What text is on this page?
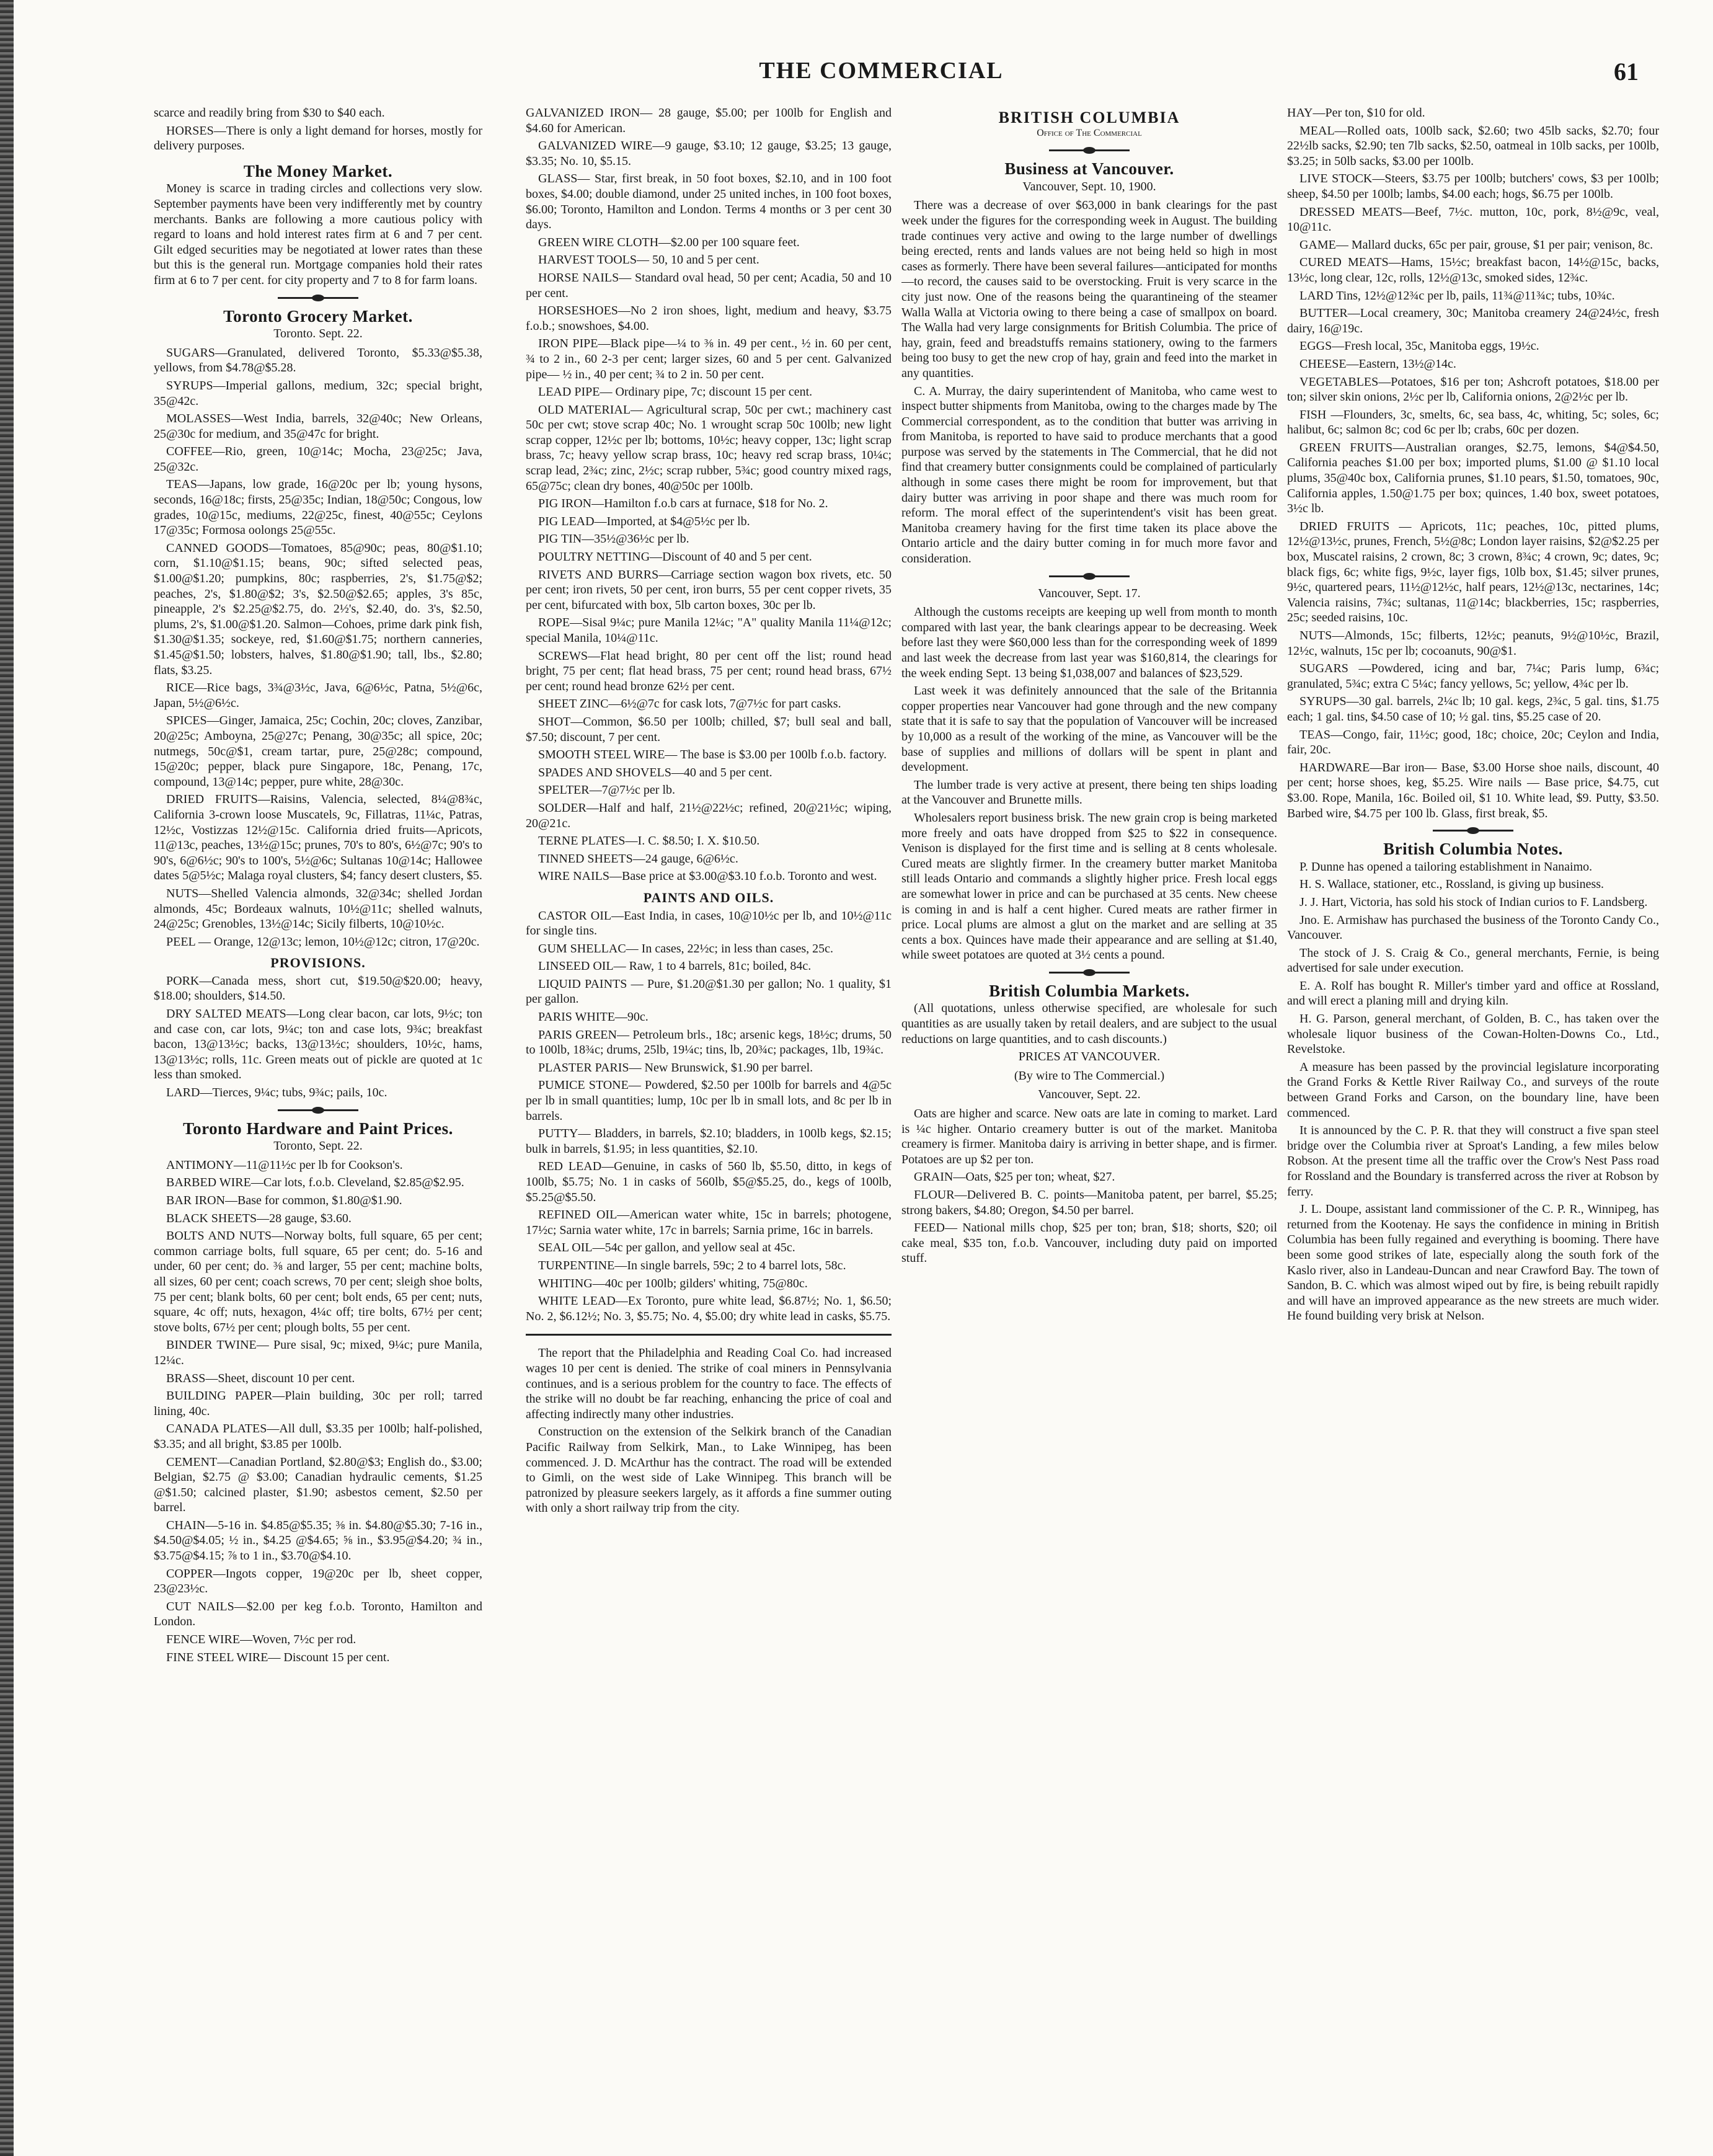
THE COMMERCIAL	61

scarce and readily bring from $30 to $40 each.

HORSES—There is only a light demand for horses, mostly for delivery purposes.

The Money Market.

Money is scarce in trading circles and collections very slow. September payments have been very indifferently met by country merchants. Banks are following a more cautious policy with regard to loans and hold interest rates firm at 6 and 7 per cent. Gilt edged securities may be negotiated at lower rates than these but this is the general run. Mortgage companies hold their rates firm at 6 to 7 per cent. for city property and 7 to 8 for farm loans.

Toronto Grocery Market.
Toronto. Sept. 22.

SUGARS—Granulated, delivered Toronto, $5.33@$5.38, yellows, from $4.78@$5.28.

SYRUPS—Imperial gallons, medium, 32c; special bright, 35@42c.

MOLASSES—West India, barrels, 32@40c; New Orleans, 25@30c for medium, and 35@47c for bright.

COFFEE—Rio, green, 10@14c; Mocha, 23@25c; Java, 25@32c.

TEAS—Japans, low grade, 16@20c per lb; young hysons, seconds, 16@18c; firsts, 25@35c; Indian, 18@50c; Congous, low grades, 10@15c, mediums, 22@25c, finest, 40@55c; Ceylons 17@35c; Formosa oolongs 25@55c.

CANNED GOODS—Tomatoes, 85@90c; peas, 80@$1.10; corn, $1.10@$1.15; beans, 90c; sifted selected peas, $1.00@$1.20; pumpkins, 80c; raspberries, 2's, $1.75@$2; peaches, 2's, $1.80@$2; 3's, $2.50@$2.65; apples, 3's 85c, pineapple, 2's $2.25@$2.75, do. 2½'s, $2.40, do. 3's, $2.50, plums, 2's, $1.00@$1.20. Salmon—Cohoes, prime dark pink fish, $1.30@$1.35; sockeye, red, $1.60@$1.75; northern canneries, $1.45@$1.50; lobsters, halves, $1.80@$1.90; tall, lbs., $2.80; flats, $3.25.

RICE—Rice bags, 3¾@3½c, Java, 6@6½c, Patna, 5½@6c, Japan, 5½@6½c.

SPICES—Ginger, Jamaica, 25c; Cochin, 20c; cloves, Zanzibar, 20@25c; Amboyna, 25@27c; Penang, 30@35c; all spice, 20c; nutmegs, 50c@$1, cream tartar, pure, 25@28c; compound, 15@20c; pepper, black pure Singapore, 18c, Penang, 17c, compound, 13@14c; pepper, pure white, 28@30c.

DRIED FRUITS—Raisins, Valencia, selected, 8¼@8¾c, California 3-crown loose Muscatels, 9c, Fillatras, 11¼c, Patras, 12½c, Vostizzas 12½@15c. California dried fruits—Apricots, 11@13c, peaches, 13½@15c; prunes, 70's to 80's, 6½@7c; 90's to 90's, 6@6½c; 90's to 100's, 5½@6c; Sultanas 10@14c; Hallowee dates 5@5½c; Malaga royal clusters, $4; fancy desert clusters, $5.

NUTS—Shelled Valencia almonds, 32@34c; shelled Jordan almonds, 45c; Bordeaux walnuts, 10½@11c; shelled walnuts, 24@25c; Grenobles, 13½@14c; Sicily filberts, 10@10½c.

PEEL — Orange, 12@13c; lemon, 10½@12c; citron, 17@20c.

PROVISIONS.

PORK—Canada mess, short cut, $19.50@$20.00; heavy, $18.00; shoulders, $14.50.

DRY SALTED MEATS—Long clear bacon, car lots, 9½c; ton and case con, car lots, 9¼c; ton and case lots, 9¾c; breakfast bacon, 13@13½c; backs, 13@13½c; shoulders, 10½c, hams, 13@13½c; rolls, 11c. Green meats out of pickle are quoted at 1c less than smoked.

LARD—Tierces, 9¼c; tubs, 9¾c; pails, 10c.

Toronto Hardware and Paint Prices.
Toronto, Sept. 22.

ANTIMONY—11@11½c per lb for Cookson's.

BARBED WIRE—Car lots, f.o.b. Cleveland, $2.85@$2.95.

BAR IRON—Base for common, $1.80@$1.90.

BLACK SHEETS—28 gauge, $3.60.

BOLTS AND NUTS—Norway bolts, full square, 65 per cent; common carriage bolts, full square, 65 per cent; do. 5-16 and under, 60 per cent; do. ⅜ and larger, 55 per cent; machine bolts, all sizes, 60 per cent; coach screws, 70 per cent; sleigh shoe bolts, 75 per cent; blank bolts, 60 per cent; bolt ends, 65 per cent; nuts, square, 4c off; nuts, hexagon, 4¼c off; tire bolts, 67½ per cent; stove bolts, 67½ per cent; plough bolts, 55 per cent.

BINDER TWINE— Pure sisal, 9c; mixed, 9¼c; pure Manila, 12¼c.

BRASS—Sheet, discount 10 per cent.

BUILDING PAPER—Plain building, 30c per roll; tarred lining, 40c.

CANADA PLATES—All dull, $3.35 per 100lb; half-polished, $3.35; and all bright, $3.85 per 100lb.

CEMENT—Canadian Portland, $2.80@$3; English do., $3.00; Belgian, $2.75 @ $3.00; Canadian hydraulic cements, $1.25 @$1.50; calcined plaster, $1.90; asbestos cement, $2.50 per barrel.

CHAIN—5-16 in. $4.85@$5.35; ⅜ in. $4.80@$5.30; 7-16 in., $4.50@$4.05; ½ in., $4.25 @$4.65; ⅝ in., $3.95@$4.20; ¾ in., $3.75@$4.15; ⅞ to 1 in., $3.70@$4.10.

COPPER—Ingots copper, 19@20c per lb, sheet copper, 23@23½c.

CUT NAILS—$2.00 per keg f.o.b. Toronto, Hamilton and London.

FENCE WIRE—Woven, 7½c per rod.

FINE STEEL WIRE— Discount 15 per cent.

GALVANIZED IRON— 28 gauge, $5.00; per 100lb for English and $4.60 for American.

GALVANIZED WIRE—9 gauge, $3.10; 12 gauge, $3.25; 13 gauge, $3.35; No. 10, $5.15.

GLASS— Star, first break, in 50 foot boxes, $2.10, and in 100 foot boxes, $4.00; double diamond, under 25 united inches, in 100 foot boxes, $6.00; Toronto, Hamilton and London. Terms 4 months or 3 per cent 30 days.

GREEN WIRE CLOTH—$2.00 per 100 square feet.

HARVEST TOOLS— 50, 10 and 5 per cent.

HORSE NAILS— Standard oval head, 50 per cent; Acadia, 50 and 10 per cent.

HORSESHOES—No 2 iron shoes, light, medium and heavy, $3.75 f.o.b.; snowshoes, $4.00.

IRON PIPE—Black pipe—¼ to ⅜ in. 49 per cent., ½ in. 60 per cent, ¾ to 2 in., 60 2-3 per cent; larger sizes, 60 and 5 per cent. Galvanized pipe— ½ in., 40 per cent; ¾ to 2 in. 50 per cent.

LEAD PIPE— Ordinary pipe, 7c; discount 15 per cent.

OLD MATERIAL— Agricultural scrap, 50c per cwt.; machinery cast 50c per cwt; stove scrap 40c; No. 1 wrought scrap 50c 100lb; new light scrap copper, 12½c per lb; bottoms, 10½c; heavy copper, 13c; light scrap brass, 7c; heavy yellow scrap brass, 10c; heavy red scrap brass, 10¼c; scrap lead, 2¾c; zinc, 2½c; scrap rubber, 5¾c; good country mixed rags, 65@75c; clean dry bones, 40@50c per 100lb.

PIG IRON—Hamilton f.o.b cars at furnace, $18 for No. 2.

PIG LEAD—Imported, at $4@5½c per lb.

PIG TIN—35½@36½c per lb.

POULTRY NETTING—Discount of 40 and 5 per cent.

RIVETS AND BURRS—Carriage section wagon box rivets, etc. 50 per cent; iron rivets, 50 per cent, iron burrs, 55 per cent copper rivets, 35 per cent, bifurcated with box, 5lb carton boxes, 30c per lb.

ROPE—Sisal 9¼c; pure Manila 12¼c; "A" quality Manila 11¼@12c; special Manila, 10¼@11c.

SCREWS—Flat head bright, 80 per cent off the list; round head bright, 75 per cent; flat head brass, 75 per cent; round head brass, 67½ per cent; round head bronze 62½ per cent.

SHEET ZINC—6½@7c for cask lots, 7@7½c for part casks.

SHOT—Common, $6.50 per 100lb; chilled, $7; bull seal and ball, $7.50; discount, 7 per cent.

SMOOTH STEEL WIRE— The base is $3.00 per 100lb f.o.b. factory.

SPADES AND SHOVELS—40 and 5 per cent.

SPELTER—7@7½c per lb.

SOLDER—Half and half, 21½@22½c; refined, 20@21½c; wiping, 20@21c.

TERNE PLATES—I. C. $8.50; I. X. $10.50.

TINNED SHEETS—24 gauge, 6@6½c.

WIRE NAILS—Base price at $3.00@$3.10 f.o.b. Toronto and west.

PAINTS AND OILS.

CASTOR OIL—East India, in cases, 10@10½c per lb, and 10½@11c for single tins.

GUM SHELLAC— In cases, 22½c; in less than cases, 25c.

LINSEED OIL— Raw, 1 to 4 barrels, 81c; boiled, 84c.

LIQUID PAINTS — Pure, $1.20@$1.30 per gallon; No. 1 quality, $1 per gallon.

PARIS WHITE—90c.

PARIS GREEN— Petroleum brls., 18c; arsenic kegs, 18½c; drums, 50 to 100lb, 18¾c; drums, 25lb, 19¼c; tins, lb, 20¾c; packages, 1lb, 19¾c.

PLASTER PARIS— New Brunswick, $1.90 per barrel.

PUMICE STONE— Powdered, $2.50 per 100lb for barrels and 4@5c per lb in small quantities; lump, 10c per lb in small lots, and 8c per lb in barrels.

PUTTY— Bladders, in barrels, $2.10; bladders, in 100lb kegs, $2.15; bulk in barrels, $1.95; in less quantities, $2.10.

RED LEAD—Genuine, in casks of 560 lb, $5.50, ditto, in kegs of 100lb, $5.75; No. 1 in casks of 560lb, $5@$5.25, do., kegs of 100lb, $5.25@$5.50.

REFINED OIL—American water white, 15c in barrels; photogene, 17½c; Sarnia water white, 17c in barrels; Sarnia prime, 16c in barrels.

SEAL OIL—54c per gallon, and yellow seal at 45c.

TURPENTINE—In single barrels, 59c; 2 to 4 barrel lots, 58c.

WHITING—40c per 100lb; gilders' whiting, 75@80c.

WHITE LEAD—Ex Toronto, pure white lead, $6.87½; No. 1, $6.50; No. 2, $6.12½; No. 3, $5.75; No. 4, $5.00; dry white lead in casks, $5.75.

The report that the Philadelphia and Reading Coal Co. had increased wages 10 per cent is denied. The strike of coal miners in Pennsylvania continues, and is a serious problem for the country to face. The effects of the strike will no doubt be far reaching, enhancing the price of coal and affecting indirectly many other industries.

Construction on the extension of the Selkirk branch of the Canadian Pacific Railway from Selkirk, Man., to Lake Winnipeg, has been commenced. J. D. McArthur has the contract. The road will be extended to Gimli, on the west side of Lake Winnipeg. This branch will be patronized by pleasure seekers largely, as it affords a fine summer outing with only a short railway trip from the city.

BRITISH COLUMBIA
Office of The Commercial
Business at Vancouver.
Vancouver, Sept. 10, 1900.

There was a decrease of over $63,000 in bank clearings for the past week under the figures for the corresponding week in August. The building trade continues very active and owing to the large number of dwellings being erected, rents and lands values are not being held so high in most cases as formerly. There have been several failures—anticipated for months—to record, the causes said to be overstocking. Fruit is very scarce in the city just now. One of the reasons being the quarantineing of the steamer Walla Walla at Victoria owing to there being a case of smallpox on board. The Walla had very large consignments for British Columbia. The price of hay, grain, feed and breadstuffs remains stationery, owing to the farmers being too busy to get the new crop of hay, grain and feed into the market in any quantities.

C. A. Murray, the dairy superintendent of Manitoba, who came west to inspect butter shipments from Manitoba, owing to the charges made by The Commercial correspondent, as to the condition that butter was arriving in from Manitoba, is reported to have said to produce merchants that a good purpose was served by the statements in The Commercial, that he did not find that creamery butter consignments could be complained of particularly although in some cases there might be room for improvement, but that dairy butter was arriving in poor shape and there was much room for reform. The moral effect of the superintendent's visit has been great. Manitoba creamery having for the first time taken its place above the Ontario article and the dairy butter coming in for much more favor and consideration.

Vancouver, Sept. 17.

Although the customs receipts are keeping up well from month to month compared with last year, the bank clearings appear to be decreasing. Week before last they were $60,000 less than for the corresponding week of 1899 and last week the decrease from last year was $160,814, the clearings for the week ending Sept. 13 being $1,038,007 and balances of $23,529.

Last week it was definitely announced that the sale of the Britannia copper properties near Vancouver had gone through and the new company state that it is safe to say that the population of Vancouver will be increased by 10,000 as a result of the working of the mine, as Vancouver will be the base of supplies and millions of dollars will be spent in plant and development.

The lumber trade is very active at present, there being ten ships loading at the Vancouver and Brunette mills.

Wholesalers report business brisk. The new grain crop is being marketed more freely and oats have dropped from $25 to $22 in consequence. Venison is displayed for the first time and is selling at 8 cents wholesale. Cured meats are slightly firmer. In the creamery butter market Manitoba still leads Ontario and commands a slightly higher price. Fresh local eggs are somewhat lower in price and can be purchased at 35 cents. New cheese is coming in and is half a cent higher. Cured meats are rather firmer in price. Local plums are almost a glut on the market and are selling at 35 cents a box. Quinces have made their appearance and are selling at $1.40, while sweet potatoes are quoted at 3½ cents a pound.

British Columbia Markets.

(All quotations, unless otherwise specified, are wholesale for such quantities as are usually taken by retail dealers, and are subject to the usual reductions on large quantities, and to cash discounts.)

PRICES AT VANCOUVER.
(By wire to The Commercial.)
Vancouver, Sept. 22.

Oats are higher and scarce. New oats are late in coming to market. Lard is ¼c higher. Ontario creamery butter is out of the market. Manitoba creamery is firmer. Manitoba dairy is arriving in better shape, and is firmer. Potatoes are up $2 per ton.

GRAIN—Oats, $25 per ton; wheat, $27.

FLOUR—Delivered B. C. points—Manitoba patent, per barrel, $5.25; strong bakers, $4.80; Oregon, $4.50 per barrel.

FEED— National mills chop, $25 per ton; bran, $18; shorts, $20; oil cake meal, $35 ton, f.o.b. Vancouver, including duty paid on imported stuff.

HAY—Per ton, $10 for old.

MEAL—Rolled oats, 100lb sack, $2.60; two 45lb sacks, $2.70; four 22½lb sacks, $2.90; ten 7lb sacks, $2.50, oatmeal in 10lb sacks, per 100lb, $3.25; in 50lb sacks, $3.00 per 100lb.

LIVE STOCK—Steers, $3.75 per 100lb; butchers' cows, $3 per 100lb; sheep, $4.50 per 100lb; lambs, $4.00 each; hogs, $6.75 per 100lb.

DRESSED MEATS—Beef, 7½c. mutton, 10c, pork, 8½@9c, veal, 10@11c.

GAME— Mallard ducks, 65c per pair, grouse, $1 per pair; venison, 8c.

CURED MEATS—Hams, 15½c; breakfast bacon, 14½@15c, backs, 13½c, long clear, 12c, rolls, 12½@13c, smoked sides, 12¾c.

LARD Tins, 12½@12¾c per lb, pails, 11¾@11¾c; tubs, 10¾c.

BUTTER—Local creamery, 30c; Manitoba creamery 24@24½c, fresh dairy, 16@19c.

EGGS—Fresh local, 35c, Manitoba eggs, 19½c.

CHEESE—Eastern, 13½@14c.

VEGETABLES—Potatoes, $16 per ton; Ashcroft potatoes, $18.00 per ton; silver skin onions, 2½c per lb, California onions, 2@2½c per lb.

FISH —Flounders, 3c, smelts, 6c, sea bass, 4c, whiting, 5c; soles, 6c; halibut, 6c; salmon 8c; cod 6c per lb; crabs, 60c per dozen.

GREEN FRUITS—Australian oranges, $2.75, lemons, $4@$4.50, California peaches $1.00 per box; imported plums, $1.00 @ $1.10 local plums, 35@40c box, California prunes, $1.10 pears, $1.50, tomatoes, 90c, California apples, 1.50@1.75 per box; quinces, 1.40 box, sweet potatoes, 3½c lb.

DRIED FRUITS — Apricots, 11c; peaches, 10c, pitted plums, 12½@13½c, prunes, French, 5½@8c; London layer raisins, $2@$2.25 per box, Muscatel raisins, 2 crown, 8c; 3 crown, 8¾c; 4 crown, 9c; dates, 9c; black figs, 6c; white figs, 9½c, layer figs, 10lb box, $1.45; silver prunes, 9½c, quartered pears, 11½@12½c, half pears, 12½@13c, nectarines, 14c; Valencia raisins, 7¾c; sultanas, 11@14c; blackberries, 15c; raspberries, 25c; seeded raisins, 10c.

NUTS—Almonds, 15c; filberts, 12½c; peanuts, 9½@10½c, Brazil, 12½c, walnuts, 15c per lb; cocoanuts, 90@$1.

SUGARS —Powdered, icing and bar, 7¼c; Paris lump, 6¾c; granulated, 5¾c; extra C 5¼c; fancy yellows, 5c; yellow, 4¾c per lb.

SYRUPS—30 gal. barrels, 2¼c lb; 10 gal. kegs, 2¾c, 5 gal. tins, $1.75 each; 1 gal. tins, $4.50 case of 10; ½ gal. tins, $5.25 case of 20.

TEAS—Congo, fair, 11½c; good, 18c; choice, 20c; Ceylon and India, fair, 20c.

HARDWARE—Bar iron— Base, $3.00 Horse shoe nails, discount, 40 per cent; horse shoes, keg, $5.25. Wire nails — Base price, $4.75, cut $3.00. Rope, Manila, 16c. Boiled oil, $1 10. White lead, $9. Putty, $3.50. Barbed wire, $4.75 per 100 lb. Glass, first break, $5.

British Columbia Notes.

P. Dunne has opened a tailoring establishment in Nanaimo.

H. S. Wallace, stationer, etc., Rossland, is giving up business.

J. J. Hart, Victoria, has sold his stock of Indian curios to F. Landsberg.

Jno. E. Armishaw has purchased the business of the Toronto Candy Co., Vancouver.

The stock of J. S. Craig & Co., general merchants, Fernie, is being advertised for sale under execution.

E. A. Rolf has bought R. Miller's timber yard and office at Rossland, and will erect a planing mill and drying kiln.

H. G. Parson, general merchant, of Golden, B. C., has taken over the wholesale liquor business of the Cowan-Holten-Downs Co., Ltd., Revelstoke.

A measure has been passed by the provincial legislature incorporating the Grand Forks & Kettle River Railway Co., and surveys of the route between Grand Forks and Carson, on the boundary line, have been commenced.

It is announced by the C. P. R. that they will construct a five span steel bridge over the Columbia river at Sproat's Landing, a few miles below Robson. At the present time all the traffic over the Crow's Nest Pass road for Rossland and the Boundary is transferred across the river at Robson by ferry.

J. L. Doupe, assistant land commissioner of the C. P. R., Winnipeg, has returned from the Kootenay. He says the confidence in mining in British Columbia has been fully regained and everything is booming. There have been some good strikes of late, especially along the south fork of the Kaslo river, also in Landeau-Duncan and near Crawford Bay. The town of Sandon, B. C. which was almost wiped out by fire, is being rebuilt rapidly and will have an improved appearance as the new streets are much wider. He found building very brisk at Nelson.
